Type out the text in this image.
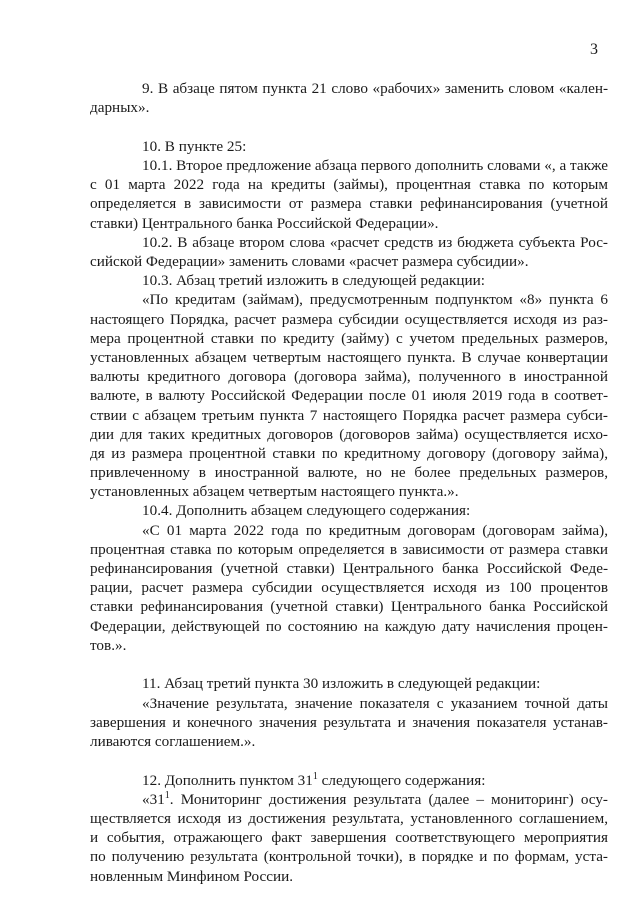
3
9. В абзаце пятом пункта 21 слово «рабочих» заменить словом «кален-
дарных».
10. В пункте 25:
10.1. Второе предложение абзаца первого дополнить словами «, а также
с 01 марта 2022 года на кредиты (займы), процентная ставка по которым
определяется в зависимости от размера ставки рефинансирования (учетной
ставки) Центрального банка Российской Федерации».
10.2. В абзаце втором слова «расчет средств из бюджета субъекта Рос-
сийской Федерации» заменить словами «расчет размера субсидии».
10.3. Абзац третий изложить в следующей редакции:
«По кредитам (займам), предусмотренным подпунктом «8» пункта 6
настоящего Порядка, расчет размера субсидии осуществляется исходя из раз-
мера процентной ставки по кредиту (займу) с учетом предельных размеров,
установленных абзацем четвертым настоящего пункта. В случае конвертации
валюты кредитного договора (договора займа), полученного в иностранной
валюте, в валюту Российской Федерации после 01 июля 2019 года в соответ-
ствии с абзацем третьим пункта 7 настоящего Порядка расчет размера субси-
дии для таких кредитных договоров (договоров займа) осуществляется исхо-
дя из размера процентной ставки по кредитному договору (договору займа),
привлеченному в иностранной валюте, но не более предельных размеров,
установленных абзацем четвертым настоящего пункта.».
10.4. Дополнить абзацем следующего содержания:
«С 01 марта 2022 года по кредитным договорам (договорам займа),
процентная ставка по которым определяется в зависимости от размера ставки
рефинансирования (учетной ставки) Центрального банка Российской Феде-
рации, расчет размера субсидии осуществляется исходя из 100 процентов
ставки рефинансирования (учетной ставки) Центрального банка Российской
Федерации, действующей по состоянию на каждую дату начисления процен-
тов.».
11. Абзац третий пункта 30 изложить в следующей редакции:
«Значение результата, значение показателя с указанием точной даты
завершения и конечного значения результата и значения показателя устанав-
ливаются соглашением.».
12. Дополнить пунктом $31^1$ следующего содержания:
«$31^1$. Мониторинг достижения результата (далее – мониторинг) осу-
ществляется исходя из достижения результата, установленного соглашением,
и события, отражающего факт завершения соответствующего мероприятия
по получению результата (контрольной точки), в порядке и по формам, уста-
новленным Минфином России.
